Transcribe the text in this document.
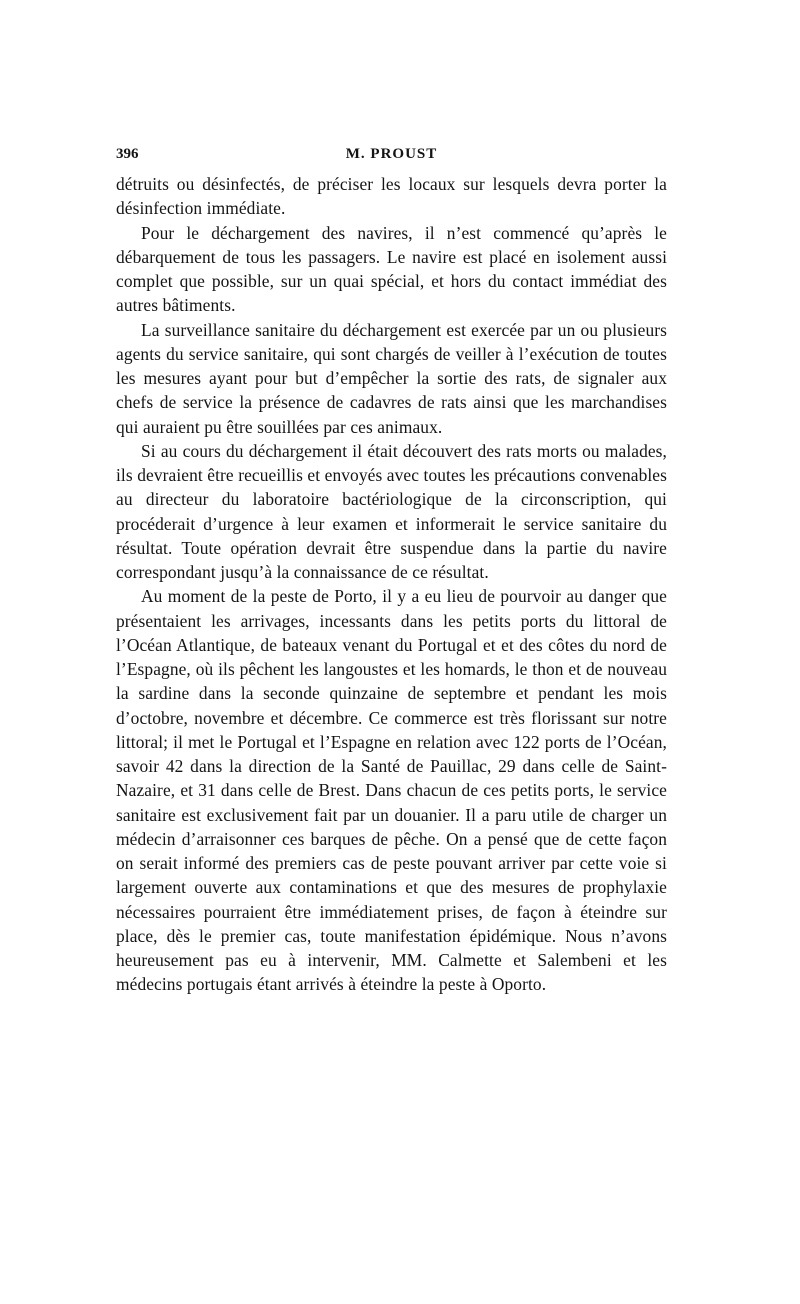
396	M. PROUST

détruits ou désinfectés, de préciser les locaux sur lesquels devra porter la désinfection immédiate.

Pour le déchargement des navires, il n’est commencé qu’après le débarquement de tous les passagers. Le navire est placé en isolement aussi complet que possible, sur un quai spécial, et hors du contact immédiat des autres bâtiments.

La surveillance sanitaire du déchargement est exercée par un ou plusieurs agents du service sanitaire, qui sont chargés de veiller à l’exécution de toutes les mesures ayant pour but d’empêcher la sortie des rats, de signaler aux chefs de service la présence de cadavres de rats ainsi que les marchandises qui auraient pu être souillées par ces animaux.

Si au cours du déchargement il était découvert des rats morts ou malades, ils devraient être recueillis et envoyés avec toutes les précautions convenables au directeur du laboratoire bactériologique de la circonscription, qui procéderait d’urgence à leur examen et informerait le service sanitaire du résultat. Toute opération devrait être suspendue dans la partie du navire correspondant jusqu’à la connaissance de ce résultat.

Au moment de la peste de Porto, il y a eu lieu de pourvoir au danger que présentaient les arrivages, incessants dans les petits ports du littoral de l’Océan Atlantique, de bateaux venant du Portugal et et des côtes du nord de l’Espagne, où ils pêchent les langoustes et les homards, le thon et de nouveau la sardine dans la seconde quinzaine de septembre et pendant les mois d’octobre, novembre et décembre. Ce commerce est très florissant sur notre littoral; il met le Portugal et l’Espagne en relation avec 122 ports de l’Océan, savoir 42 dans la direction de la Santé de Pauillac, 29 dans celle de Saint-Nazaire, et 31 dans celle de Brest. Dans chacun de ces petits ports, le service sanitaire est exclusivement fait par un douanier. Il a paru utile de charger un médecin d’arraisonner ces barques de pêche. On a pensé que de cette façon on serait informé des premiers cas de peste pouvant arriver par cette voie si largement ouverte aux contaminations et que des mesures de prophylaxie nécessaires pourraient être immédiatement prises, de façon à éteindre sur place, dès le premier cas, toute manifestation épidémique. Nous n’avons heureusement pas eu à intervenir, MM. Calmette et Salembeni et les médecins portugais étant arrivés à éteindre la peste à Oporto.
